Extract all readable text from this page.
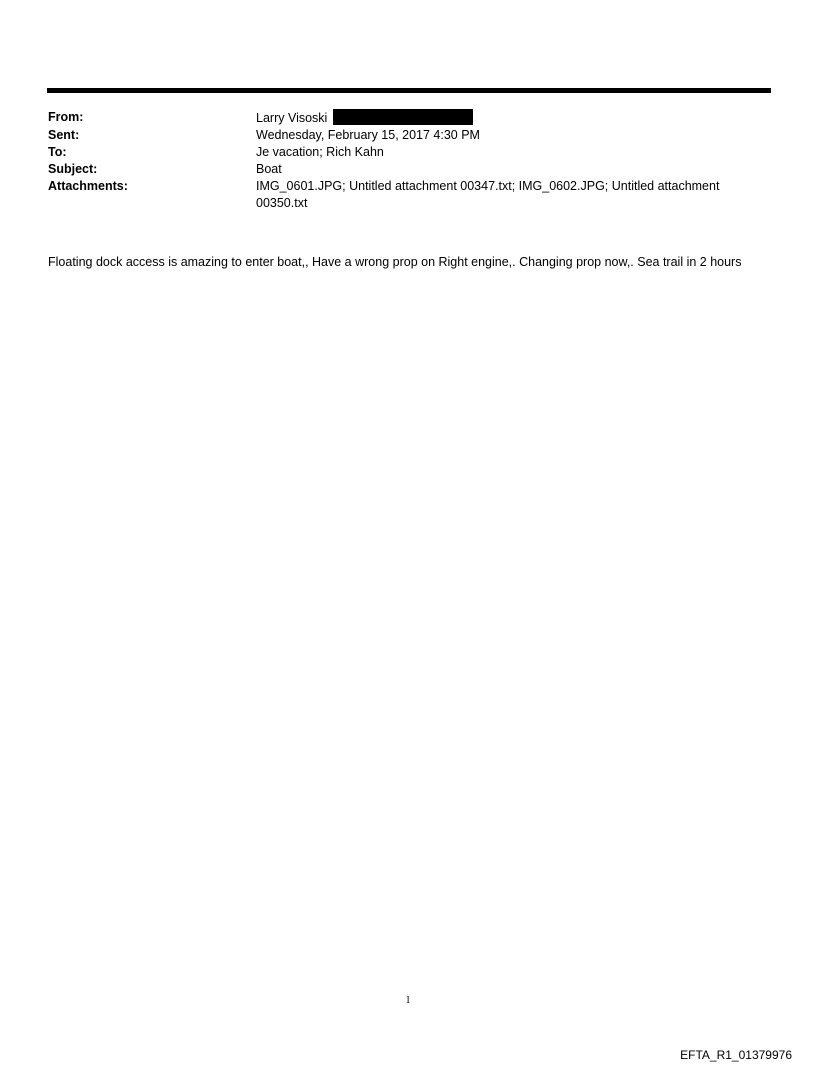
From:	Larry Visoski
Sent:	Wednesday, February 15, 2017 4:30 PM
To:	Je vacation; Rich Kahn
Subject:	Boat
Attachments:	IMG_0601.JPG; Untitled attachment 00347.txt; IMG_0602.JPG; Untitled attachment 00350.txt
Floating dock access is amazing to enter boat,, Have a wrong prop on Right engine,. Changing prop now,. Sea trail in 2 hours
1
EFTA_R1_01379976
